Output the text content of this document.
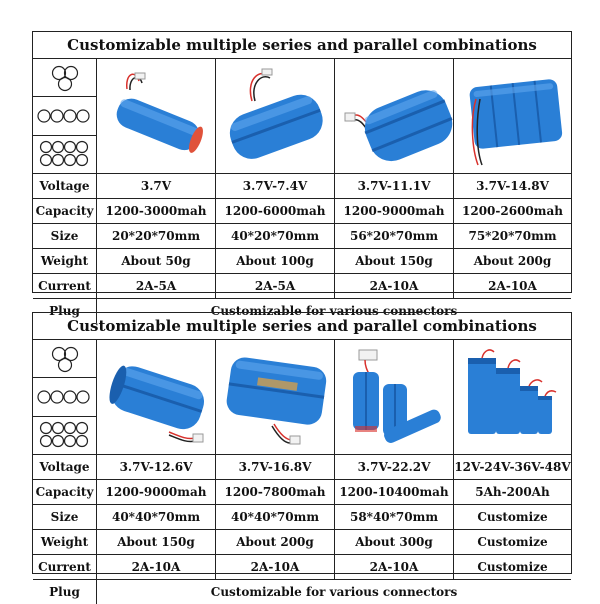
Customizable multiple series and parallel combinations
Voltage	3.7V	3.7V-7.4V	3.7V-11.1V	3.7V-14.8V
Capacity	1200-3000mah	1200-6000mah	1200-9000mah	1200-2600mah
Size	20*20*70mm	40*20*70mm	56*20*70mm	75*20*70mm
Weight	About 50g	About 100g	About 150g	About 200g
Current	2A-5A	2A-5A	2A-10A	2A-10A
Plug	Customizable for various connectors
Customizable multiple series and parallel combinations
Voltage	3.7V-12.6V	3.7V-16.8V	3.7V-22.2V	12V-24V-36V-48V
Capacity	1200-9000mah	1200-7800mah	1200-10400mah	5Ah-200Ah
Size	40*40*70mm	40*40*70mm	58*40*70mm	Customize
Weight	About 150g	About 200g	About 300g	Customize
Current	2A-10A	2A-10A	2A-10A	Customize
Plug	Customizable for various connectors
